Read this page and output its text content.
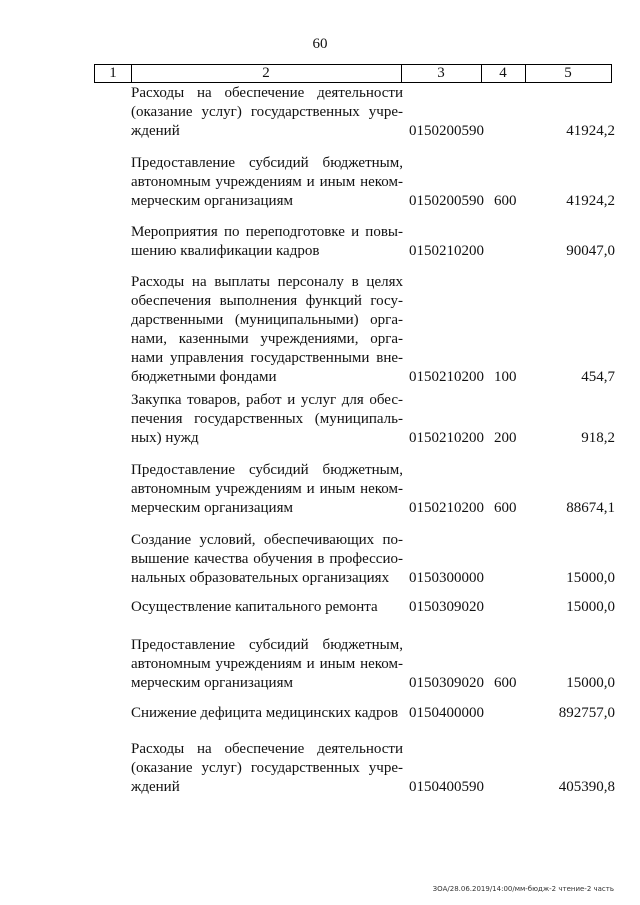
60
1	2	3	4	5
Расходы на обеспечение деятельности
(оказание услуг) государственных учре-
ждений	0150200590	41924,2
Предоставление субсидий бюджетным,
автономным учреждениям и иным неком-
мерческим организациям	0150200590 600	41924,2
Мероприятия по переподготовке и повы-
шению квалификации кадров	0150210200	90047,0
Расходы на выплаты персоналу в целях
обеспечения выполнения функций госу-
дарственными (муниципальными) орга-
нами, казенными учреждениями, орга-
нами управления государственными вне-
бюджетными фондами	0150210200 100	454,7
Закупка товаров, работ и услуг для обес-
печения государственных (муниципаль-
ных) нужд	0150210200 200	918,2
Предоставление субсидий бюджетным,
автономным учреждениям и иным неком-
мерческим организациям	0150210200 600	88674,1
Создание условий, обеспечивающих по-
вышение качества обучения в профессио-
нальных образовательных организациях	0150300000	15000,0
Осуществление капитального ремонта	0150309020	15000,0
Предоставление субсидий бюджетным,
автономным учреждениям и иным неком-
мерческим организациям	0150309020 600	15000,0
Снижение дефицита медицинских кадров 0150400000	892757,0
Расходы на обеспечение деятельности
(оказание услуг) государственных учре-
ждений	0150400590	405390,8
ЗОА/28.06.2019/14:00/мм-бюдж-2 чтение-2 часть
